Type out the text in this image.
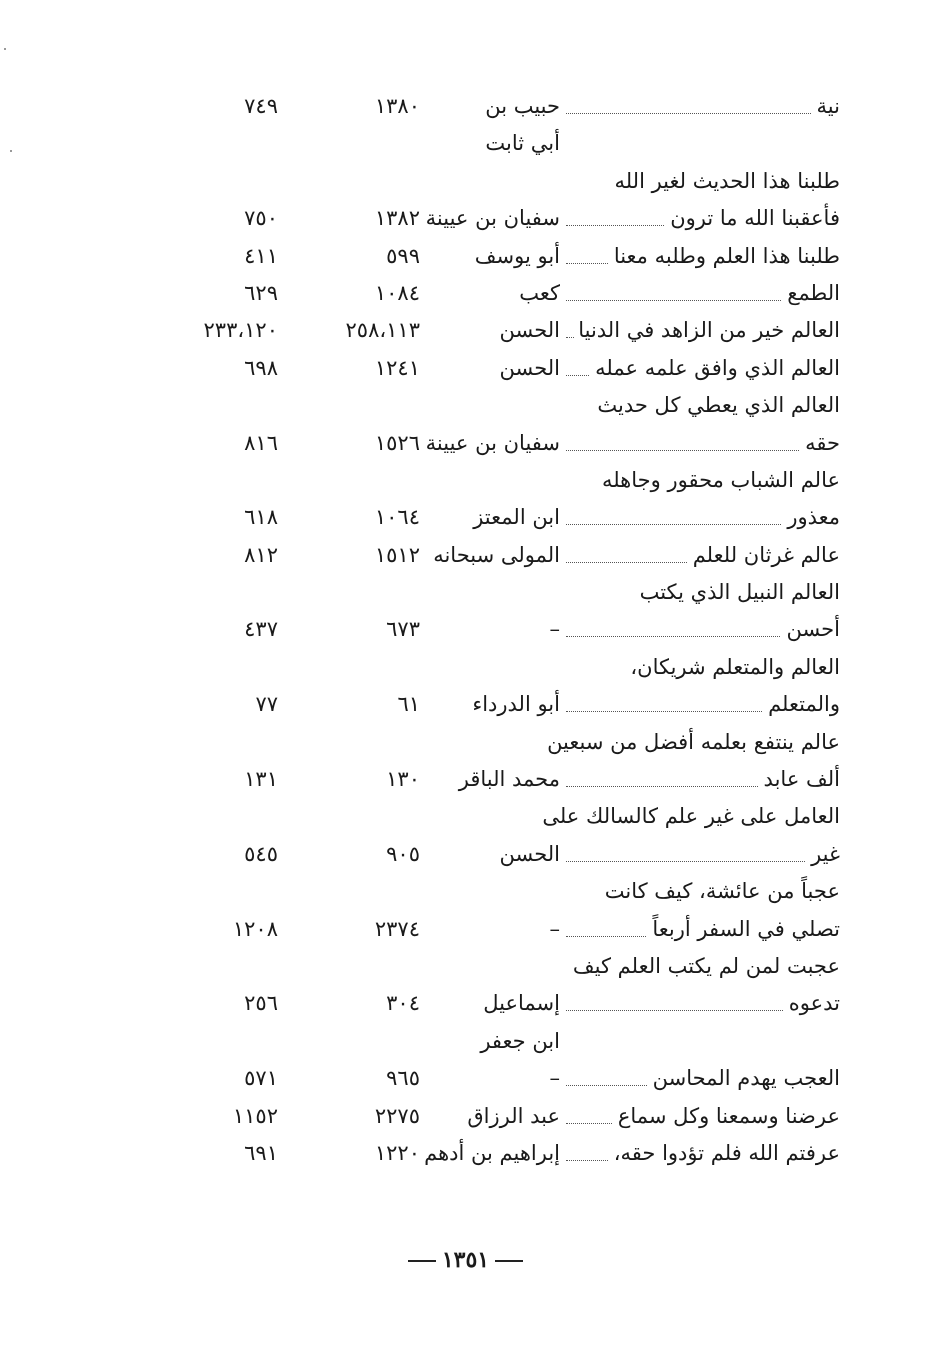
نية
حبيب بن
١٣٨٠
٧٤٩
أبي ثابت
طلبنا هذا الحديث لغير الله
فأعقبنا الله ما ترون
سفيان بن عيينة
١٣٨٢
٧٥٠
طلبنا هذا العلم وطلبه معنا
أبو يوسف
٥٩٩
٤١١
الطمع
كعب
١٠٨٤
٦٢٩
العالم خير من الزاهد في الدنيا
الحسن
٢٥٨،١١٣
٢٣٣،١٢٠
العالم الذي وافق علمه عمله
الحسن
١٢٤١
٦٩٨
العالم الذي يعطي كل حديث
حقه
سفيان بن عيينة
١٥٢٦
٨١٦
عالم الشباب محقور وجاهله
معذور
ابن المعتز
١٠٦٤
٦١٨
عالم غرثان للعلم
المولى سبحانه
١٥١٢
٨١٢
العالم النبيل الذي يكتب
أحسن
–
٦٧٣
٤٣٧
العالم والمتعلم شريكان،
والمتعلم
أبو الدرداء
٦١
٧٧
عالم ينتفع بعلمه أفضل من سبعين
ألف عابد
محمد الباقر
١٣٠
١٣١
العامل على غير علم كالسالك على
غير
الحسن
٩٠٥
٥٤٥
عجباً من عائشة، كيف كانت
تصلي في السفر أربعاً
–
٢٣٧٤
١٢٠٨
عجبت لمن لم يكتب العلم كيف
تدعوه
إسماعيل
٣٠٤
٢٥٦
ابن جعفر
العجب يهدم المحاسن
–
٩٦٥
٥٧١
عرضنا وسمعنا وكل سماع
عبد الرزاق
٢٢٧٥
١١٥٢
عرفتم الله فلم تؤدوا حقه،
إبراهيم بن أدهم
١٢٢٠
٦٩١
١٣٥١
